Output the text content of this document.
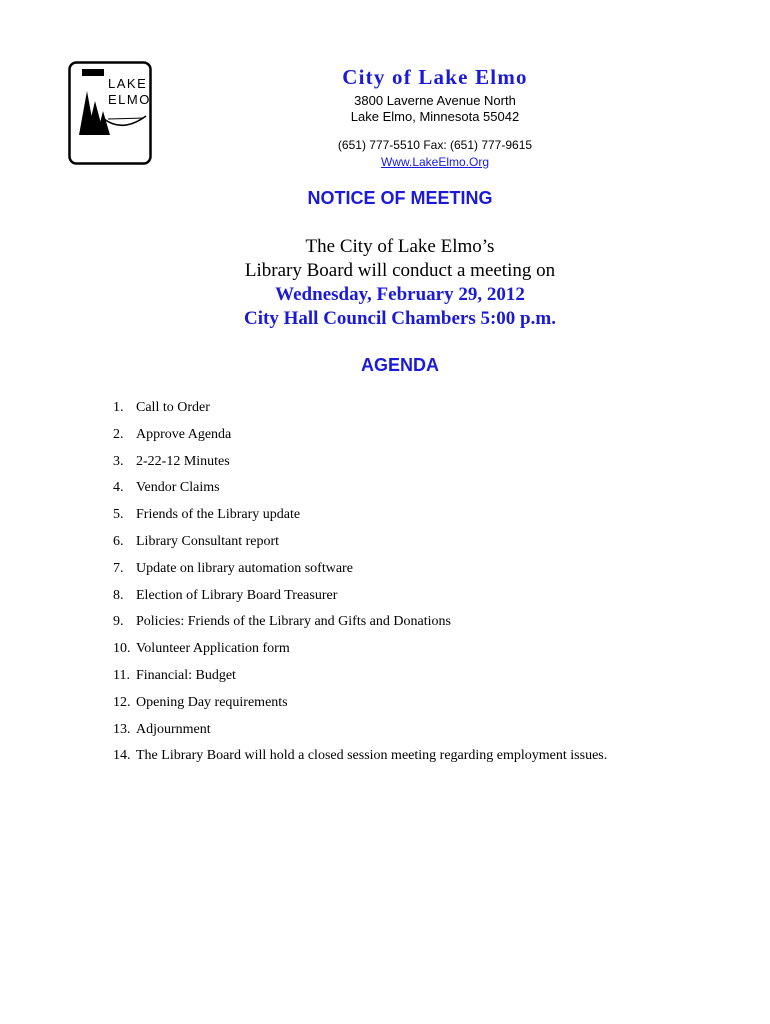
CITY OF
LAKE
ELMO
City of Lake Elmo
3800 Laverne Avenue North
Lake Elmo, Minnesota 55042
(651) 777-5510 Fax: (651) 777-9615
Www.LakeElmo.Org
NOTICE OF MEETING
The City of Lake Elmo’s
Library Board will conduct a meeting on
Wednesday, February 29, 2012
City Hall Council Chambers 5:00 p.m.
AGENDA
1. Call to Order
2. Approve Agenda
3. 2-22-12 Minutes
4. Vendor Claims
5. Friends of the Library update
6. Library Consultant report
7. Update on library automation software
8. Election of Library Board Treasurer
9. Policies: Friends of the Library and Gifts and Donations
10. Volunteer Application form
11. Financial: Budget
12. Opening Day requirements
13. Adjournment
14. The Library Board will hold a closed session meeting regarding employment issues.
